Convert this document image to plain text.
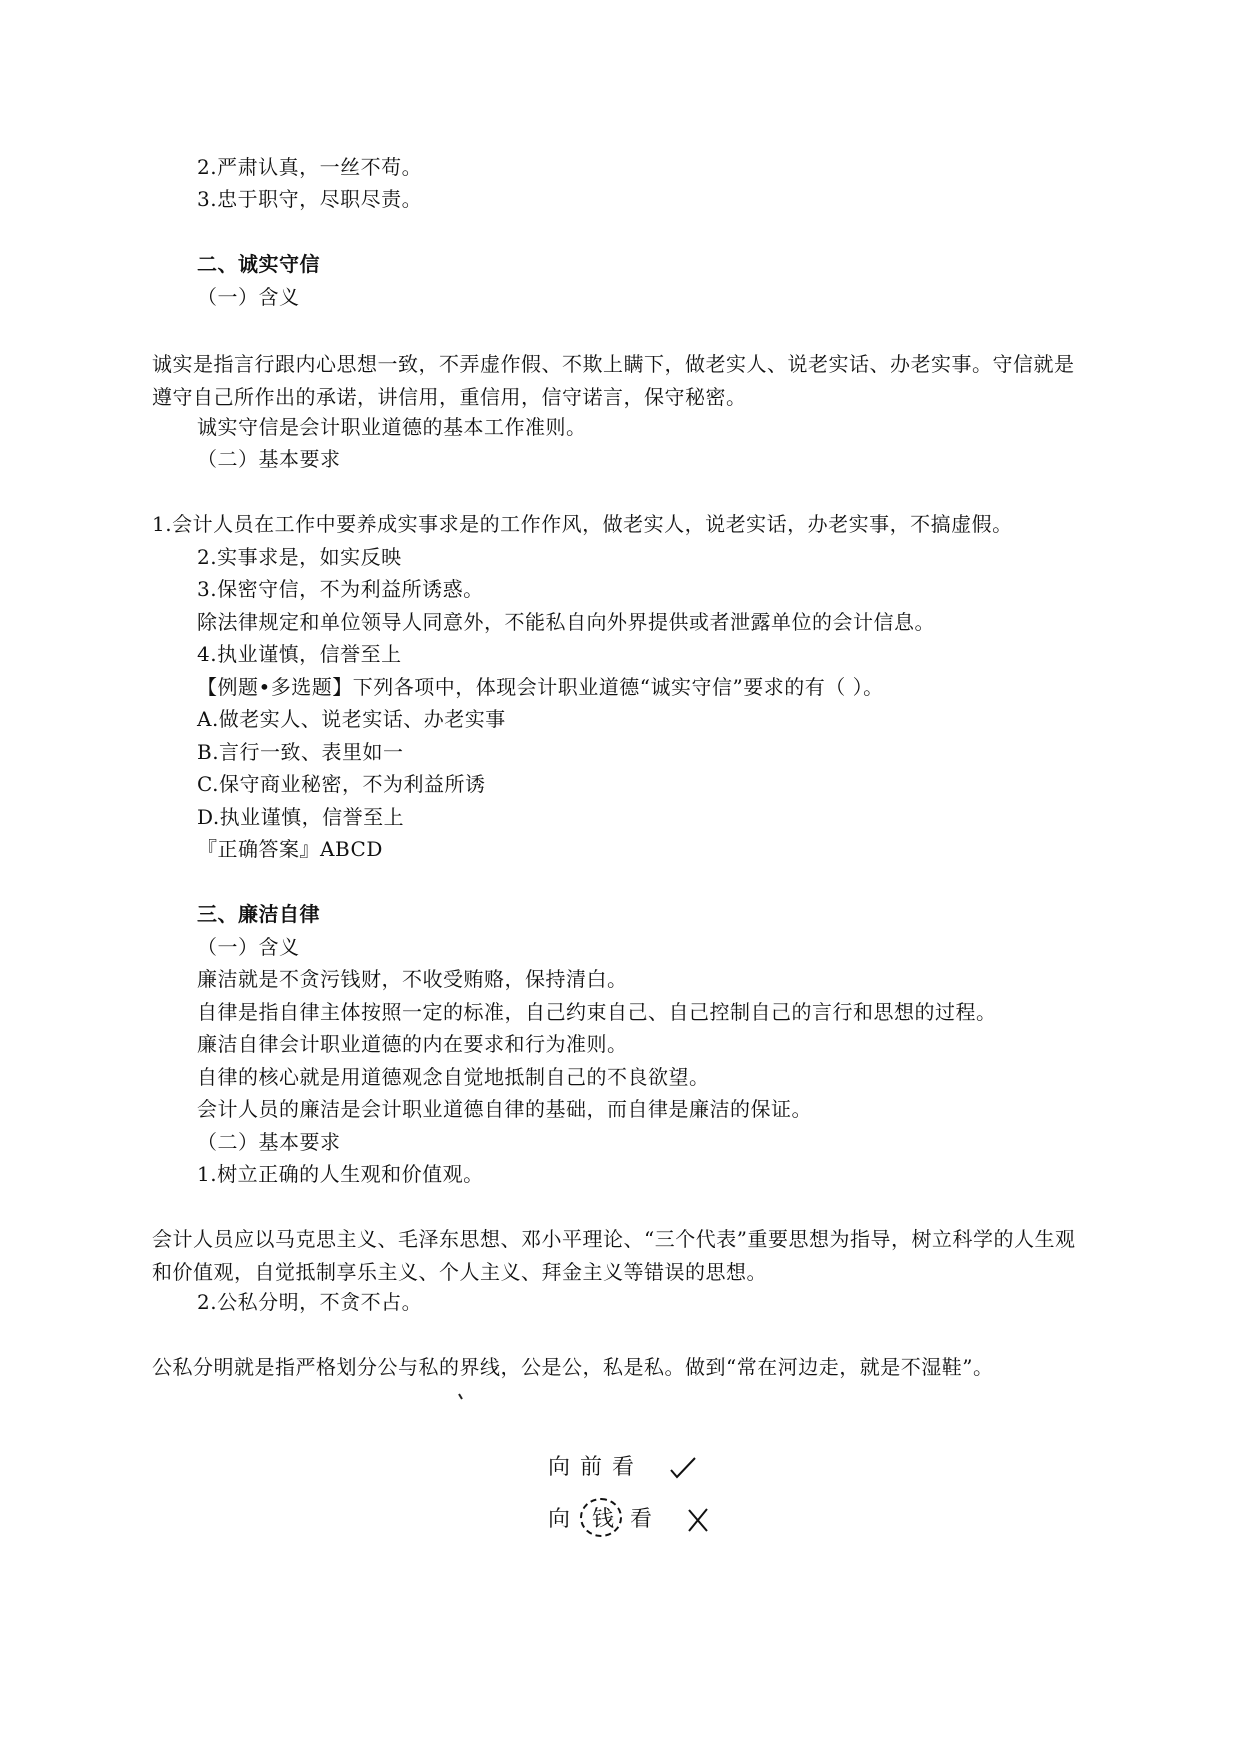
2.严肃认真，一丝不苟。
3.忠于职守，尽职尽责。
二、诚实守信
（一）含义
诚实是指言行跟内心思想一致，不弄虚作假、不欺上瞒下，做老实人、说老实话、办老实事。守信就是遵守自己所作出的承诺，讲信用，重信用，信守诺言，保守秘密。
诚实守信是会计职业道德的基本工作准则。
（二）基本要求
1.会计人员在工作中要养成实事求是的工作作风，做老实人，说老实话，办老实事，不搞虚假。
2.实事求是，如实反映
3.保密守信，不为利益所诱惑。
除法律规定和单位领导人同意外，不能私自向外界提供或者泄露单位的会计信息。
4.执业谨慎，信誉至上
【例题•多选题】下列各项中，体现会计职业道德“诚实守信”要求的有（ ）。
A.做老实人、说老实话、办老实事
B.言行一致、表里如一
C.保守商业秘密，不为利益所诱
D.执业谨慎，信誉至上
『正确答案』ABCD
三、廉洁自律
（一）含义
廉洁就是不贪污钱财，不收受贿赂，保持清白。
自律是指自律主体按照一定的标准，自己约束自己、自己控制自己的言行和思想的过程。
廉洁自律会计职业道德的内在要求和行为准则。
自律的核心就是用道德观念自觉地抵制自己的不良欲望。
会计人员的廉洁是会计职业道德自律的基础，而自律是廉洁的保证。
（二）基本要求
1.树立正确的人生观和价值观。
会计人员应以马克思主义、毛泽东思想、邓小平理论、“三个代表”重要思想为指导，树立科学的人生观和价值观，自觉抵制享乐主义、个人主义、拜金主义等错误的思想。
2.公私分明，不贪不占。
公私分明就是指严格划分公与私的界线，公是公，私是私。做到“常在河边走，就是不湿鞋”。
向前看
向 钱 看
